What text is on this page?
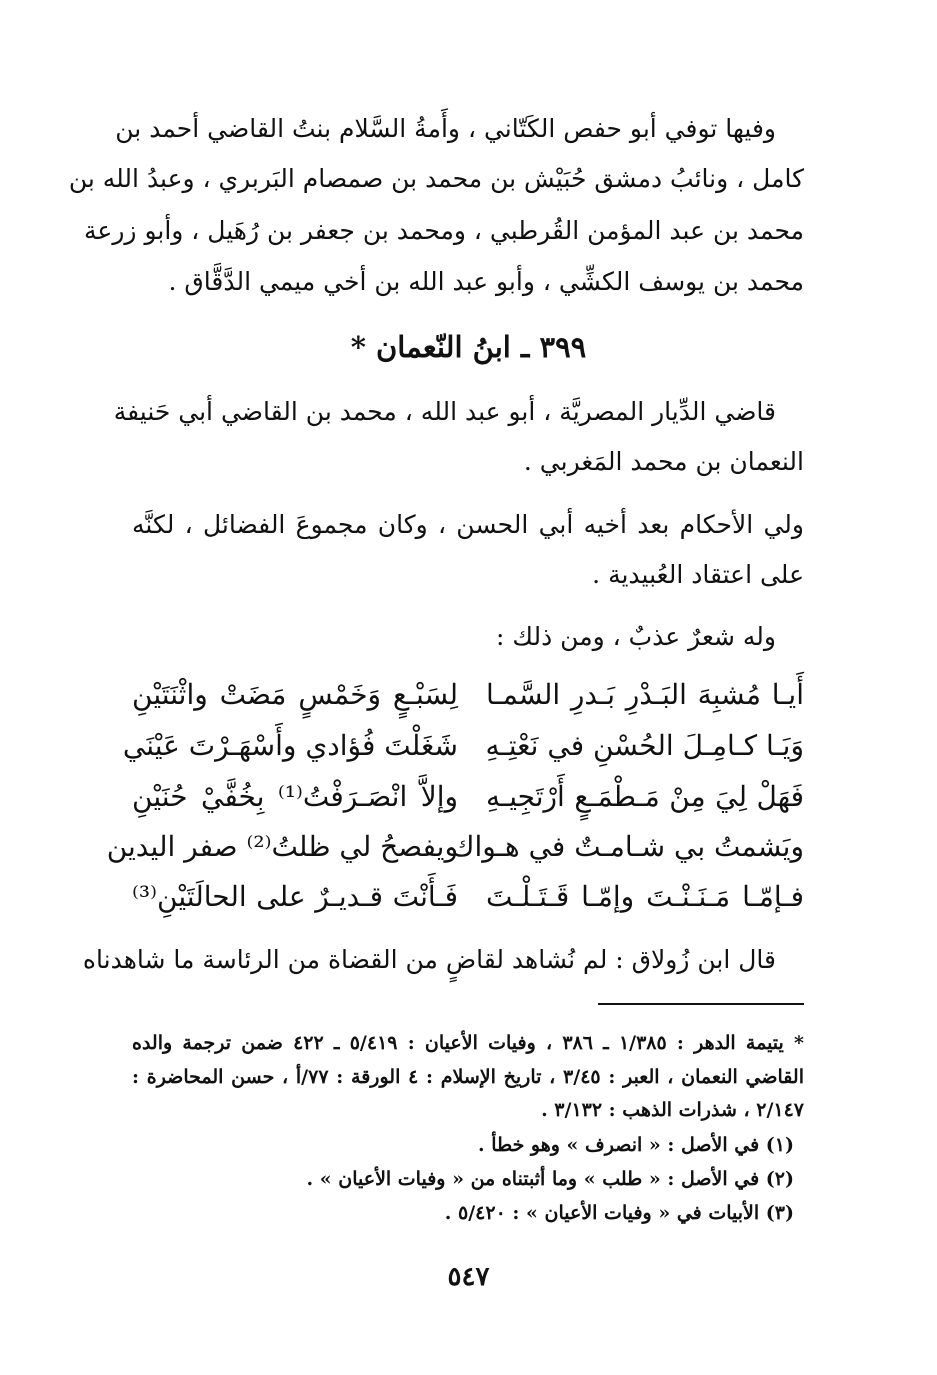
وفيها توفي أبو حفص الكَتّاني ، وأَمةُ السَّلام بنتُ القاضي أحمد بن
كامل ، ونائبُ دمشق حُبَيْش بن محمد بن صمصام البَربري ، وعبدُ الله بن
محمد بن عبد المؤمن القُرطبي ، ومحمد بن جعفر بن رُهَيل ، وأبو زرعة
محمد بن يوسف الكشِّي ، وأبو عبد الله بن أخي ميمي الدَّقَّاق .
٣٩٩ ـ ابنُ النّعمان *
قاضي الدِّيار المصريَّة ، أبو عبد الله ، محمد بن القاضي أبي حَنيفة
النعمان بن محمد المَغربي .
ولي الأحكام بعد أخيه أبي الحسن ، وكان مجموعَ الفضائل ، لكنَّه
على اعتقاد العُبيدية .
وله شعرٌ عذبٌ ، ومن ذلك :
أَيـا مُشبِهَ البَـدْرِ بَـدرِ السَّمـا
لِسَبْـعٍ وَخَمْسٍ مَضَتْ واثْنَتَيْنِ
وَيَـا كـامِـلَ الحُسْنِ في نَعْتِـهِ
شَغَلْتَ فُؤادي وأَسْهَـرْتَ عَيْنَي
فَهَلْ لِيَ مِنْ مَـطْمَـعٍ أَرْتَجِيـهِ
وإلاَّ انْصَـرَفْتُ⁽¹⁾ بِخُفَّيْ حُنَيْنِ
ويَشمتُ بي شـامـتٌ في هـواك
ويفصحُ لي ظلتُ⁽²⁾ صفر اليدين
فـإمّـا مَـنَـنْـتَ وإمّـا قَـتَـلْـتَ
فَـأَنْتَ قـديـرٌ على الحالَتَيْنِ⁽³⁾
قال ابن زُولاق : لم نُشاهد لقاضٍ من القضاة من الرئاسة ما شاهدناه
* يتيمة الدهر : ١/٣٨٥ ـ ٣٨٦ ، وفيات الأعيان : ٥/٤١٩ ـ ٤٢٢ ضمن ترجمة والده
القاضي النعمان ، العبر : ٣/٤٥ ، تاريخ الإسلام : ٤ الورقة : ٧٧/أ ، حسن المحاضرة :
٢/١٤٧ ، شذرات الذهب : ٣/١٣٢ .
(١) في الأصل : « انصرف » وهو خطأ .
(٢) في الأصل : « طلب » وما أثبتناه من « وفيات الأعيان » .
(٣) الأبيات في « وفيات الأعيان » : ٥/٤٢٠ .
٥٤٧
